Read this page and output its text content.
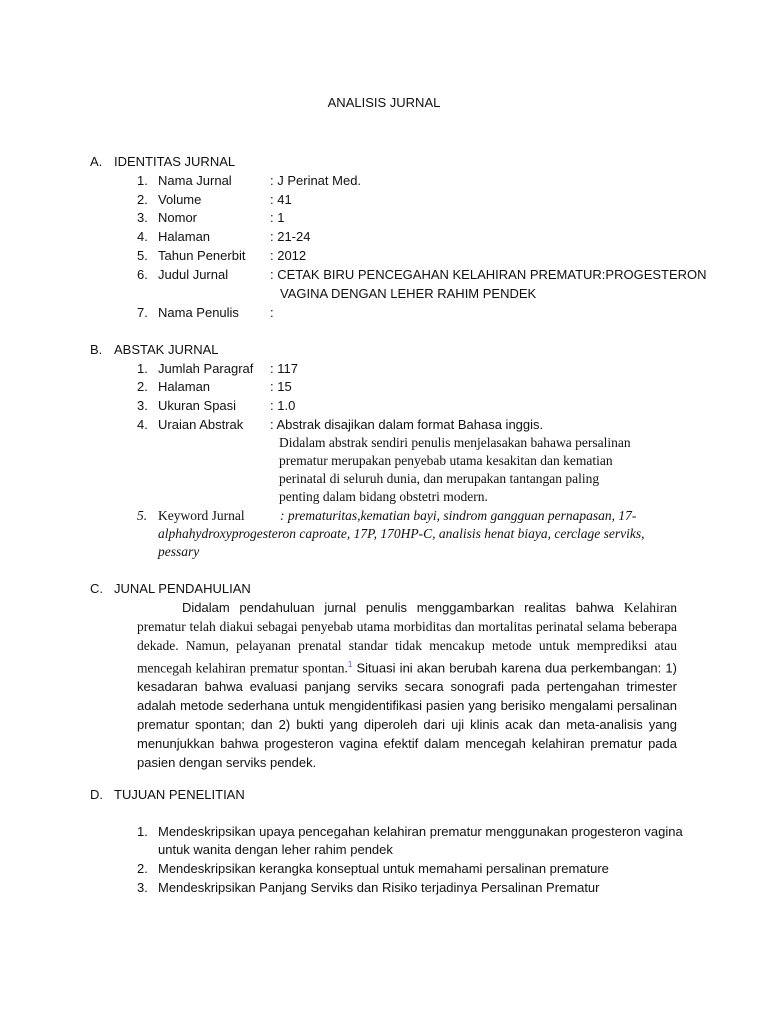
ANALISIS JURNAL
A. IDENTITAS JURNAL
1. Nama Jurnal	: J Perinat Med.
2. Volume	: 41
3. Nomor	: 1
4. Halaman	: 21-24
5. Tahun Penerbit : 2012
6. Judul Jurnal	: CETAK BIRU PENCEGAHAN KELAHIRAN PREMATUR:PROGESTERON
VAGINA DENGAN LEHER RAHIM PENDEK
7. Nama Penulis :
B. ABSTAK JURNAL
1. Jumlah Paragraf : 117
2. Halaman	: 15
3. Ukuran Spasi	: 1.0
4. Uraian Abstrak : Abstrak disajikan dalam format Bahasa inggis.
Didalam abstrak sendiri penulis menjelasakan bahawa persalinan
prematur merupakan penyebab utama kesakitan dan kematian
perinatal di seluruh dunia, dan merupakan tantangan paling
penting dalam bidang obstetri modern.
5. Keyword Jurnal	: prematuritas,kematian bayi, sindrom gangguan pernapasan, 17-
alphahydroxyprogesteron caproate, 17P, 170HP-C, analisis henat biaya, cerclage serviks,
pessary
C. JUNAL PENDAHULIAN
Didalam pendahuluan jurnal penulis menggambarkan realitas bahwa Kelahiran prematur telah diakui sebagai penyebab utama morbiditas dan mortalitas perinatal selama beberapa dekade. Namun, pelayanan prenatal standar tidak mencakup metode untuk memprediksi atau mencegah kelahiran prematur spontan.$^1$ Situasi ini akan berubah karena dua perkembangan: 1) kesadaran bahwa evaluasi panjang serviks secara sonografi pada pertengahan trimester adalah metode sederhana untuk mengidentifikasi pasien yang berisiko mengalami persalinan prematur spontan; dan 2) bukti yang diperoleh dari uji klinis acak dan meta-analisis yang menunjukkan bahwa progesteron vagina efektif dalam mencegah kelahiran prematur pada pasien dengan serviks pendek.
D. TUJUAN PENELITIAN
1. Mendeskripsikan upaya pencegahan kelahiran prematur menggunakan progesteron vagina
untuk wanita dengan leher rahim pendek
2. Mendeskripsikan kerangka konseptual untuk memahami persalinan premature
3. Mendeskripsikan Panjang Serviks dan Risiko terjadinya Persalinan Prematur
